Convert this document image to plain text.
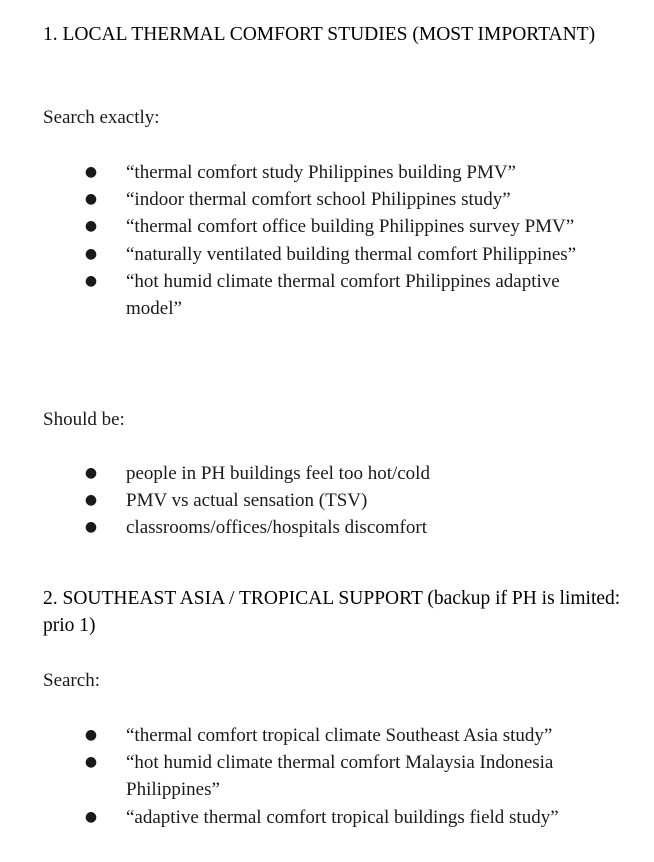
1. LOCAL THERMAL COMFORT STUDIES (MOST IMPORTANT)
Search exactly:
● “thermal comfort study Philippines building PMV”
● “indoor thermal comfort school Philippines study”
● “thermal comfort office building Philippines survey PMV”
● “naturally ventilated building thermal comfort Philippines”
● “hot humid climate thermal comfort Philippines adaptive model”
Should be:
● people in PH buildings feel too hot/cold
● PMV vs actual sensation (TSV)
● classrooms/offices/hospitals discomfort
2. SOUTHEAST ASIA / TROPICAL SUPPORT (backup if PH is limited: prio 1)
Search:
● “thermal comfort tropical climate Southeast Asia study”
● “hot humid climate thermal comfort Malaysia Indonesia Philippines”
● “adaptive thermal comfort tropical buildings field study”
